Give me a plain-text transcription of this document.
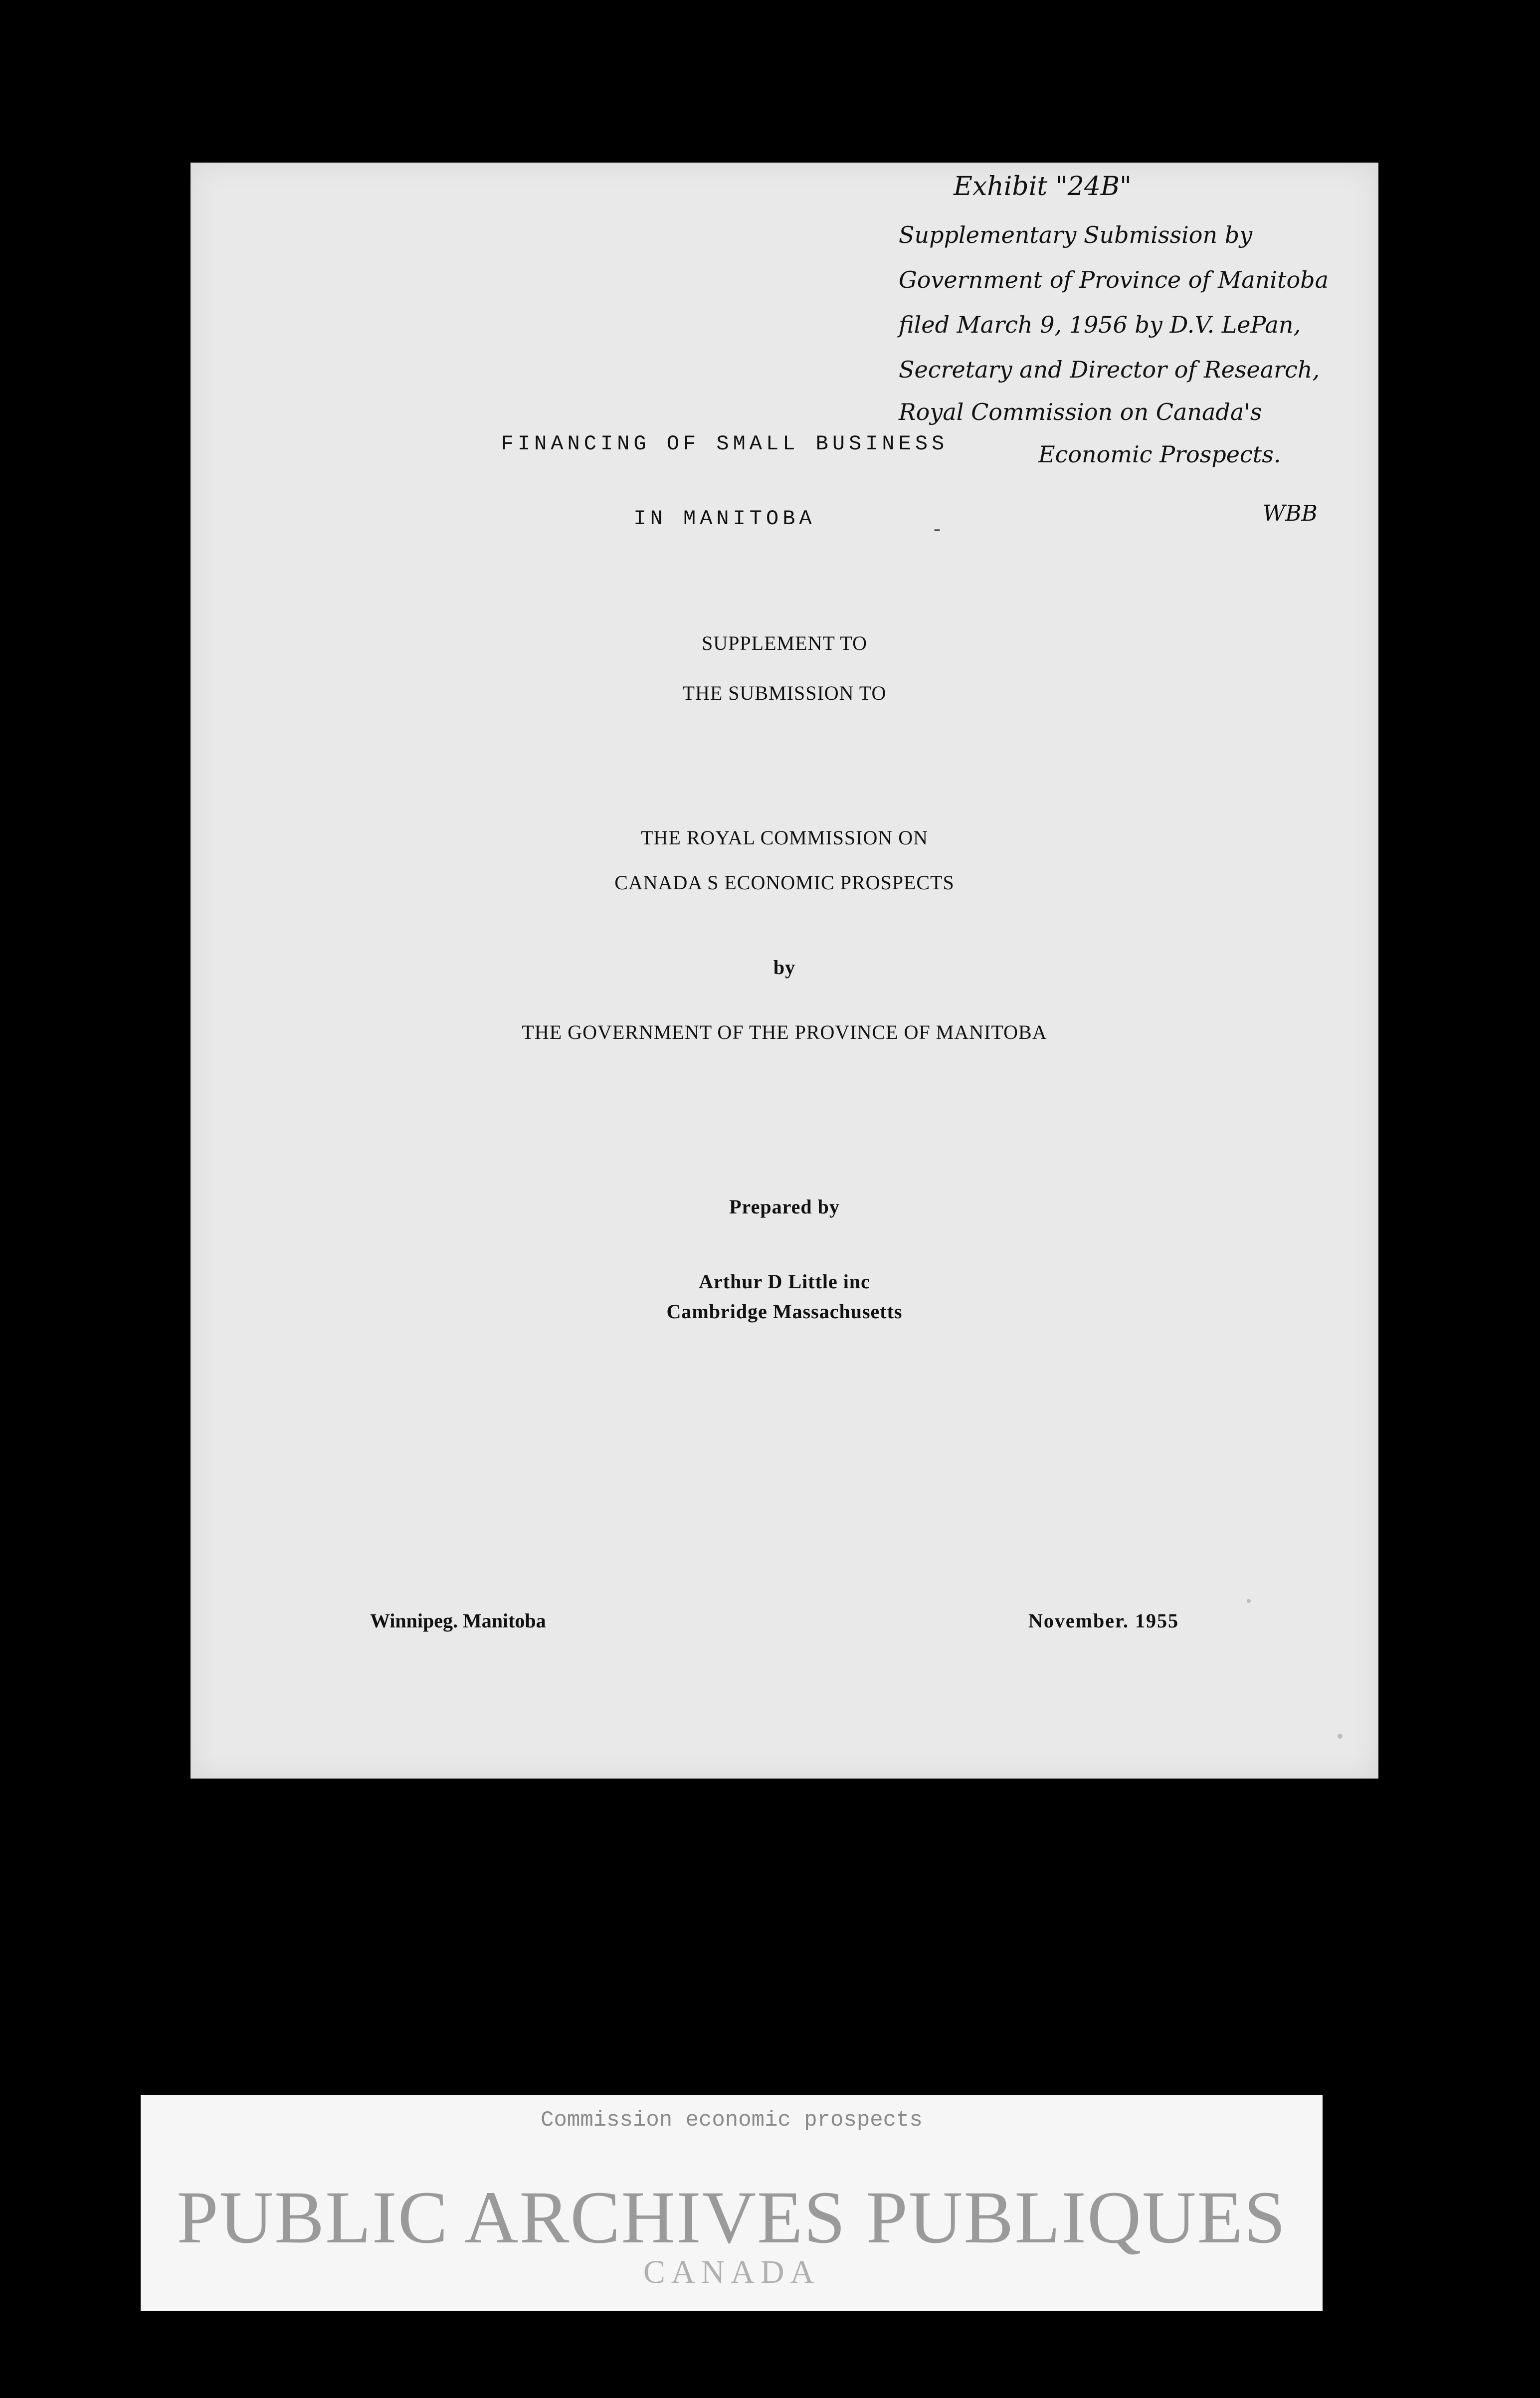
Exhibit "24B"
Supplementary Submission by
Government of Province of Manitoba
filed March 9, 1956 by D.V. LePan,
Secretary and Director of Research,
Royal Commission on Canada's
Economic Prospects.
WBB
FINANCING OF SMALL BUSINESS
IN MANITOBA	-
SUPPLEMENT TO
THE SUBMISSION TO
THE ROYAL COMMISSION ON
CANADA S ECONOMIC PROSPECTS
by
THE GOVERNMENT OF THE PROVINCE OF MANITOBA
Prepared by
Arthur D Little inc
Cambridge Massachusetts
Winnipeg. Manitoba	November. 1955
Commission economic prospects
PUBLIC ARCHIVES PUBLIQUES
CANADA
